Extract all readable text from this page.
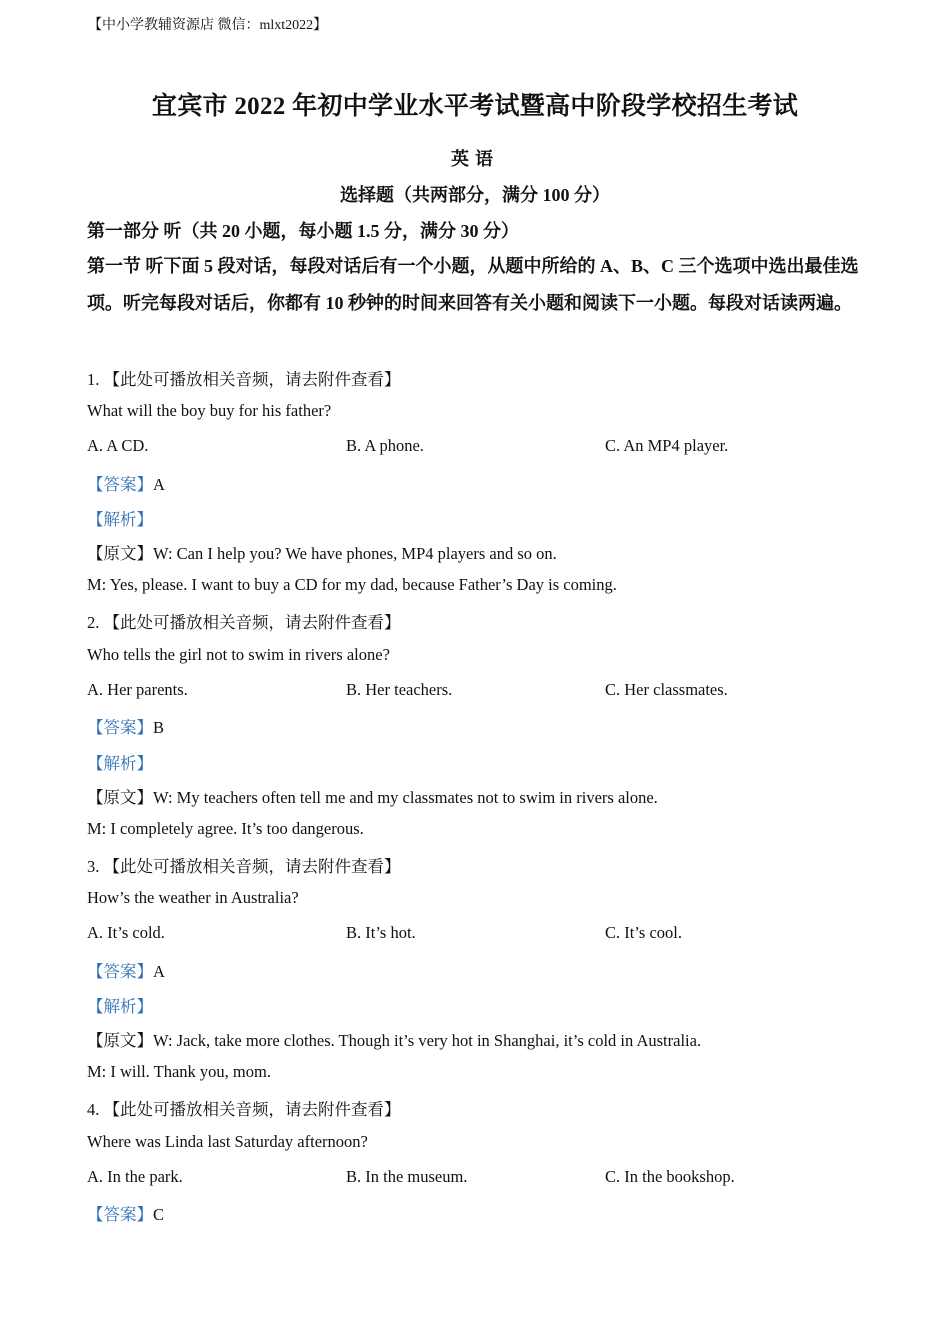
【中小学教辅资源店 微信：mlxt2022】
宜宾市 2022 年初中学业水平考试暨高中阶段学校招生考试
英语
选择题（共两部分，满分 100 分）
第一部分 听（共 20 小题，每小题 1.5 分，满分 30 分）
第一节 听下面 5 段对话，每段对话后有一个小题，从题中所给的 A、B、C 三个选项中选出最佳选项。听完每段对话后，你都有 10 秒钟的时间来回答有关小题和阅读下一小题。每段对话读两遍。
1. 【此处可播放相关音频，请去附件查看】
What will the boy buy for his father?
A. A CD.	B. A phone.	C. An MP4 player.
【答案】A
【解析】
【原文】W: Can I help you? We have phones, MP4 players and so on.
M: Yes, please. I want to buy a CD for my dad, because Father’s Day is coming.
2. 【此处可播放相关音频，请去附件查看】
Who tells the girl not to swim in rivers alone?
A. Her parents.	B. Her teachers.	C. Her classmates.
【答案】B
【解析】
【原文】W: My teachers often tell me and my classmates not to swim in rivers alone.
M: I completely agree. It’s too dangerous.
3. 【此处可播放相关音频，请去附件查看】
How’s the weather in Australia?
A. It’s cold.	B. It’s hot.	C. It’s cool.
【答案】A
【解析】
【原文】W: Jack, take more clothes. Though it’s very hot in Shanghai, it’s cold in Australia.
M: I will. Thank you, mom.
4. 【此处可播放相关音频，请去附件查看】
Where was Linda last Saturday afternoon?
A. In the park.	B. In the museum.	C. In the bookshop.
【答案】C
